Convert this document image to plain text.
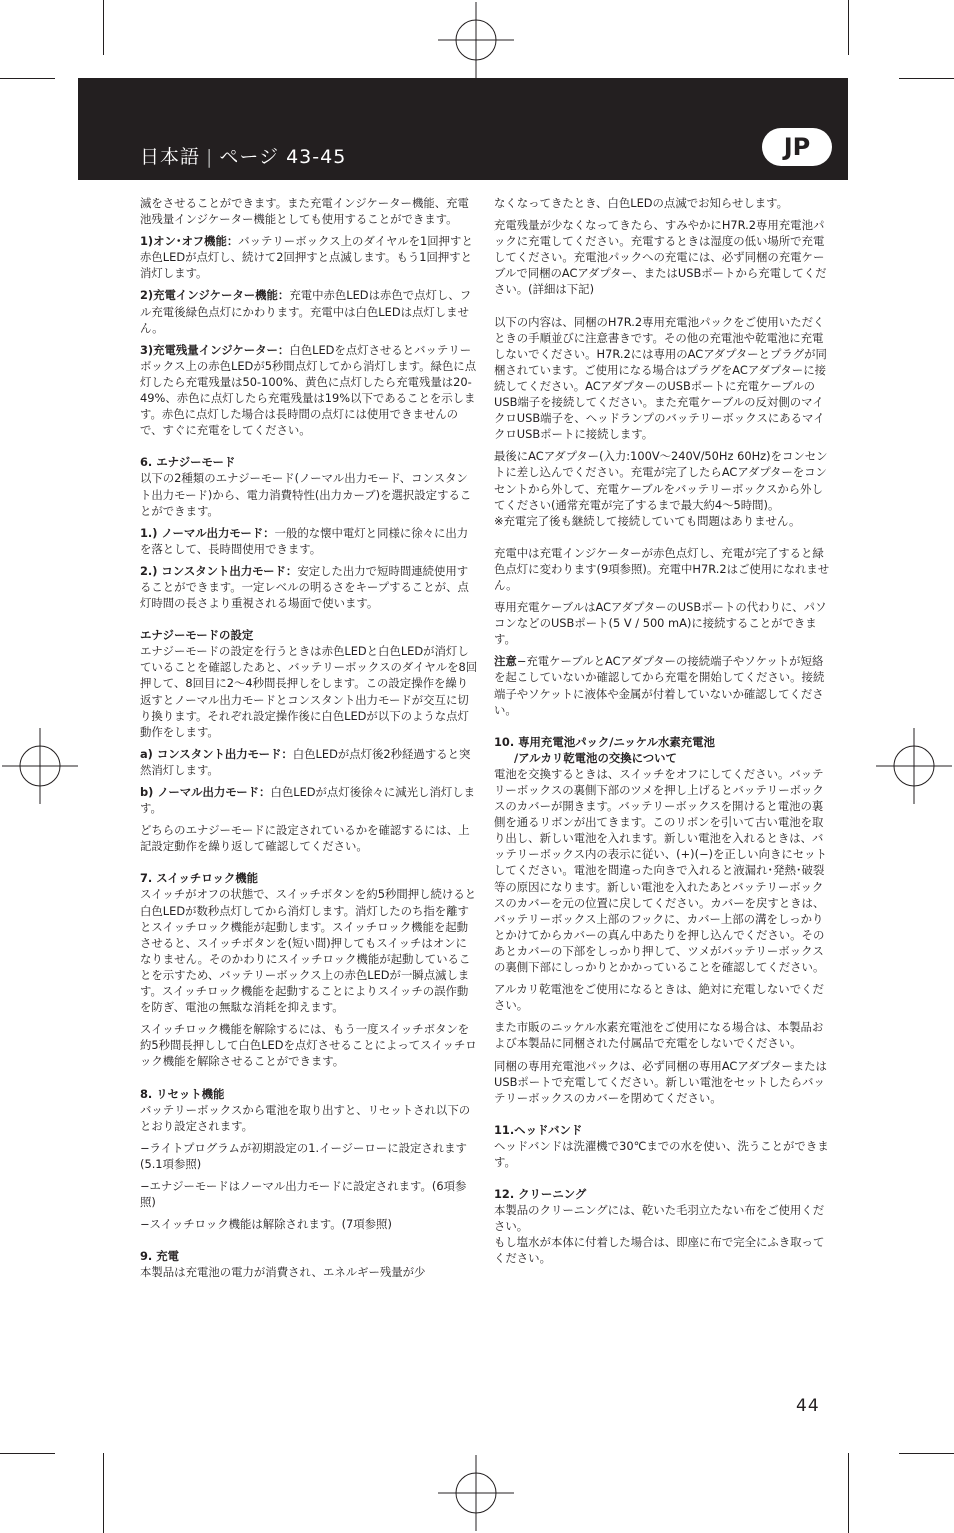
日本語 | ページ 43-45	JP

滅をさせることができます。また充電インジケーター機能、充電池残量インジケーター機能としても使用することができます。

1)オン･オフ機能：バッテリーボックス上のダイヤルを1回押すと赤色LEDが点灯し、続けて2回押すと点滅します。もう1回押すと消灯します。

2)充電インジケーター機能：充電中赤色LEDは赤色で点灯し、フル充電後緑色点灯にかわります。充電中は白色LEDは点灯しません。

3)充電残量インジケーター：白色LEDを点灯させるとバッテリーボックス上の赤色LEDが5秒間点灯してから消灯します。緑色に点灯したら充電残量は50-100%、黄色に点灯したら充電残量は20-49%、赤色に点灯したら充電残量は19%以下であることを示します。赤色に点灯した場合は長時間の点灯には使用できませんので、すぐに充電をしてください。

6. エナジーモード

以下の2種類のエナジーモード(ノーマル出力モード、コンスタント出力モード)から、電力消費特性(出力カーブ)を選択設定することができます。

1.) ノーマル出力モード：一般的な懐中電灯と同様に徐々に出力を落として、長時間使用できます。

2.) コンスタント出力モード：安定した出力で短時間連続使用することができます。一定レベルの明るさをキープすることが、点灯時間の長さより重視される場面で使います。

エナジーモードの設定

エナジーモードの設定を行うときは赤色LEDと白色LEDが消灯していることを確認したあと、バッテリーボックスのダイヤルを8回押して、8回目に2～4秒間長押しをします。この設定操作を繰り返すとノーマル出力モードとコンスタント出力モードが交互に切り換ります。それぞれ設定操作後に白色LEDが以下のような点灯動作をします。

a) コンスタント出力モード：白色LEDが点灯後2秒経過すると突然消灯します。

b) ノーマル出力モード：白色LEDが点灯後徐々に減光し消灯します。

どちらのエナジーモードに設定されているかを確認するには、上記設定動作を繰り返して確認してください。

7. スイッチロック機能

スイッチがオフの状態で、スイッチボタンを約5秒間押し続けると白色LEDが数秒点灯してから消灯します。消灯したのち指を離すとスイッチロック機能が起動します。スイッチロック機能を起動させると、スイッチボタンを(短い間)押してもスイッチはオンになりません。そのかわりにスイッチロック機能が起動していることを示すため、バッテリーボックス上の赤色LEDが一瞬点滅します。スイッチロック機能を起動することによりスイッチの誤作動を防ぎ、電池の無駄な消耗を抑えます。

スイッチロック機能を解除するには、もう一度スイッチボタンを約5秒間長押しして白色LEDを点灯させることによってスイッチロック機能を解除させることができます。

8. リセット機能

バッテリーボックスから電池を取り出すと、リセットされ以下のとおり設定されます。

−ライトプログラムが初期設定の1.イージーローに設定されます(5.1項参照)

−エナジーモードはノーマル出力モードに設定されます。(6項参照)

−スイッチロック機能は解除されます。(7項参照)

9. 充電

本製品は充電池の電力が消費され、エネルギー残量が少

なくなってきたとき、白色LEDの点滅でお知らせします。

充電残量が少なくなってきたら、すみやかにH7R.2専用充電池パックに充電してください。充電するときは湿度の低い場所で充電してください。充電池パックへの充電には、必ず同梱の充電ケーブルで同梱のACアダプター、またはUSBポートから充電してください。(詳細は下記)

以下の内容は、同梱のH7R.2専用充電池パックをご使用いただくときの手順並びに注意書きです。その他の充電池や乾電池に充電しないでください。H7R.2には専用のACアダプターとプラグが同梱されています。ご使用になる場合はプラグをACアダプターに接続してください。ACアダプターのUSBポートに充電ケーブルのUSB端子を接続してください。また充電ケーブルの反対側のマイクロUSB端子を、ヘッドランプのバッテリーボックスにあるマイクロUSBポートに接続します。

最後にACアダプター(入力:100V～240V/50Hz 60Hz)をコンセントに差し込んでください。充電が完了したらACアダプターをコンセントから外して、充電ケーブルをバッテリーボックスから外してください(通常充電が完了するまで最大約4～5時間)。

※充電完了後も継続して接続していても問題はありません。

充電中は充電インジケーターが赤色点灯し、充電が完了すると緑色点灯に変わります(9項参照)。充電中H7R.2はご使用になれません。

専用充電ケーブルはACアダプターのUSBポートの代わりに、パソコンなどのUSBポート(5 V / 500 mA)に接続することができます。

注意−充電ケーブルとACアダプターの接続端子やソケットが短絡を起こしていないか確認してから充電を開始してください。接続端子やソケットに液体や金属が付着していないか確認してください。

10. 専用充電池パック/ニッケル水素充電池
/アルカリ乾電池の交換について

電池を交換するときは、スイッチをオフにしてください。バッテリーボックスの裏側下部のツメを押し上げるとバッテリーボックスのカバーが開きます。バッテリーボックスを開けると電池の裏側を通るリボンが出てきます。このリボンを引いて古い電池を取り出し、新しい電池を入れます。新しい電池を入れるときは、バッテリーボックス内の表示に従い、(+)(−)を正しい向きにセットしてください。電池を間違った向きで入れると液漏れ･発熱･破裂等の原因になります。新しい電池を入れたあとバッテリーボックスのカバーを元の位置に戻してください。カバーを戻すときは、バッテリーボックス上部のフックに、カバー上部の溝をしっかりとかけてからカバーの真ん中あたりを押し込んでください。そのあとカバーの下部をしっかり押して、ツメがバッテリーボックスの裏側下部にしっかりとかかっていることを確認してください。

アルカリ乾電池をご使用になるときは、絶対に充電しないでください。

また市販のニッケル水素充電池をご使用になる場合は、本製品および本製品に同梱された付属品で充電をしないでください。

同梱の専用充電池パックは、必ず同梱の専用ACアダプターまたはUSBポートで充電してください。新しい電池をセットしたらバッテリーボックスのカバーを閉めてください。

11.ヘッドバンド

ヘッドバンドは洗濯機で30℃までの水を使い、洗うことができます。

12. クリーニング

本製品のクリーニングには、乾いた毛羽立たない布をご使用ください。

もし塩水が本体に付着した場合は、即座に布で完全にふき取ってください。

44
